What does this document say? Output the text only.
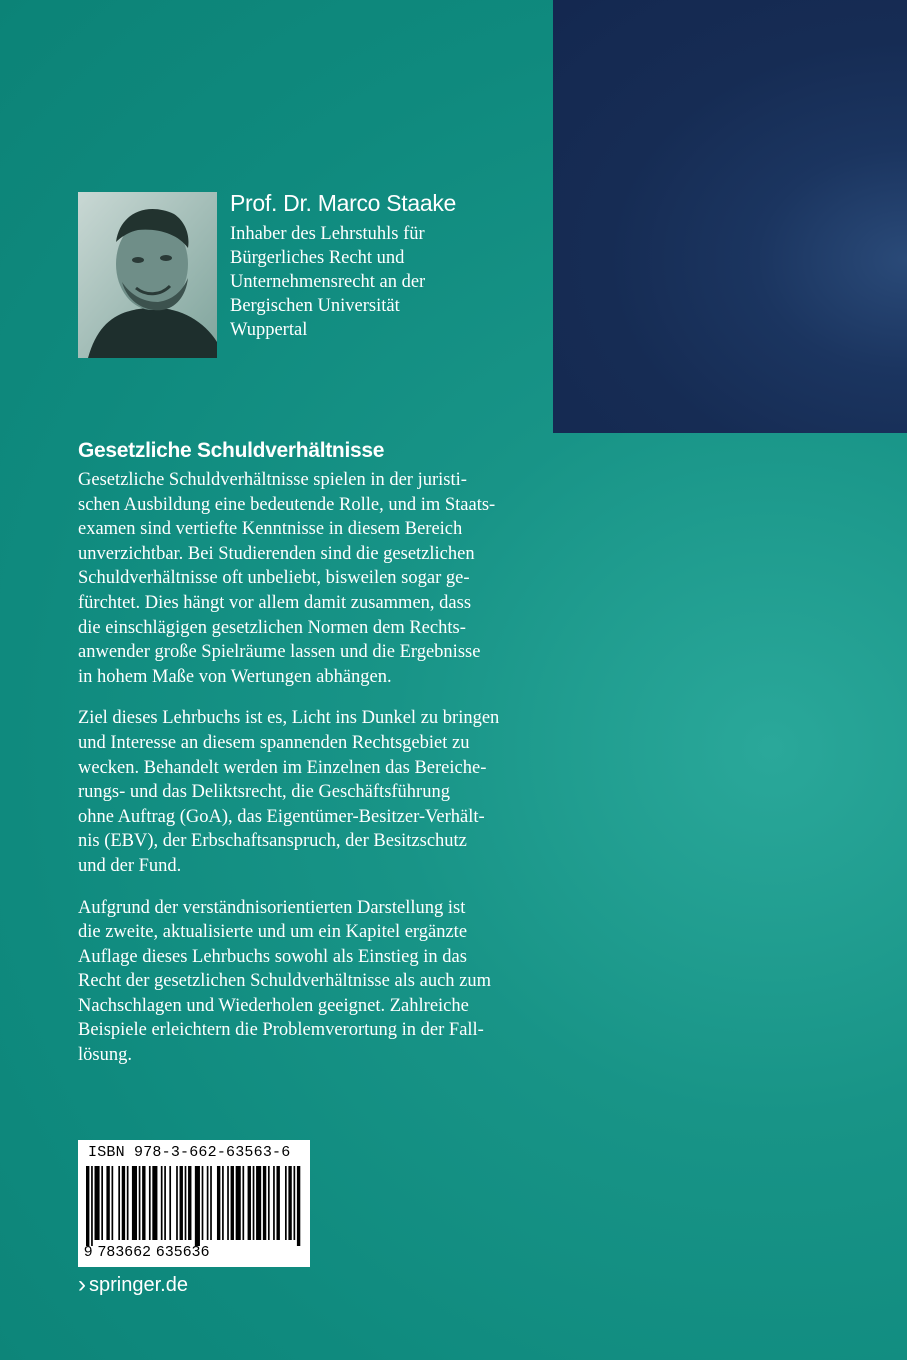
Prof. Dr. Marco Staake
Inhaber des Lehrstuhls für
Bürgerliches Recht und
Unternehmensrecht an der
Bergischen Universität
Wuppertal
Gesetzliche Schuldverhältnisse

Gesetzliche Schuldverhältnisse spielen in der juristi-
schen Ausbildung eine bedeutende Rolle, und im Staats-
examen sind vertiefte Kenntnisse in diesem Bereich
unverzichtbar. Bei Studierenden sind die gesetzlichen
Schuldverhältnisse oft unbeliebt, bisweilen sogar ge-
fürchtet. Dies hängt vor allem damit zusammen, dass
die einschlägigen gesetzlichen Normen dem Rechts-
anwender große Spielräume lassen und die Ergebnisse
in hohem Maße von Wertungen abhängen.

Ziel dieses Lehrbuchs ist es, Licht ins Dunkel zu bringen
und Interesse an diesem spannenden Rechtsgebiet zu
wecken. Behandelt werden im Einzelnen das Bereiche-
rungs- und das Deliktsrecht, die Geschäftsführung
ohne Auftrag (GoA), das Eigentümer-Besitzer-Verhält-
nis (EBV), der Erbschaftsanspruch, der Besitzschutz
und der Fund.

Aufgrund der verständnisorientierten Darstellung ist
die zweite, aktualisierte und um ein Kapitel ergänzte
Auflage dieses Lehrbuchs sowohl als Einstieg in das
Recht der gesetzlichen Schuldverhältnisse als auch zum
Nachschlagen und Wiederholen geeignet. Zahlreiche
Beispiele erleichtern die Problemverortung in der Fall-
lösung.

ISBN 978-3-662-63563-6
9 783662 635636
› springer.de
